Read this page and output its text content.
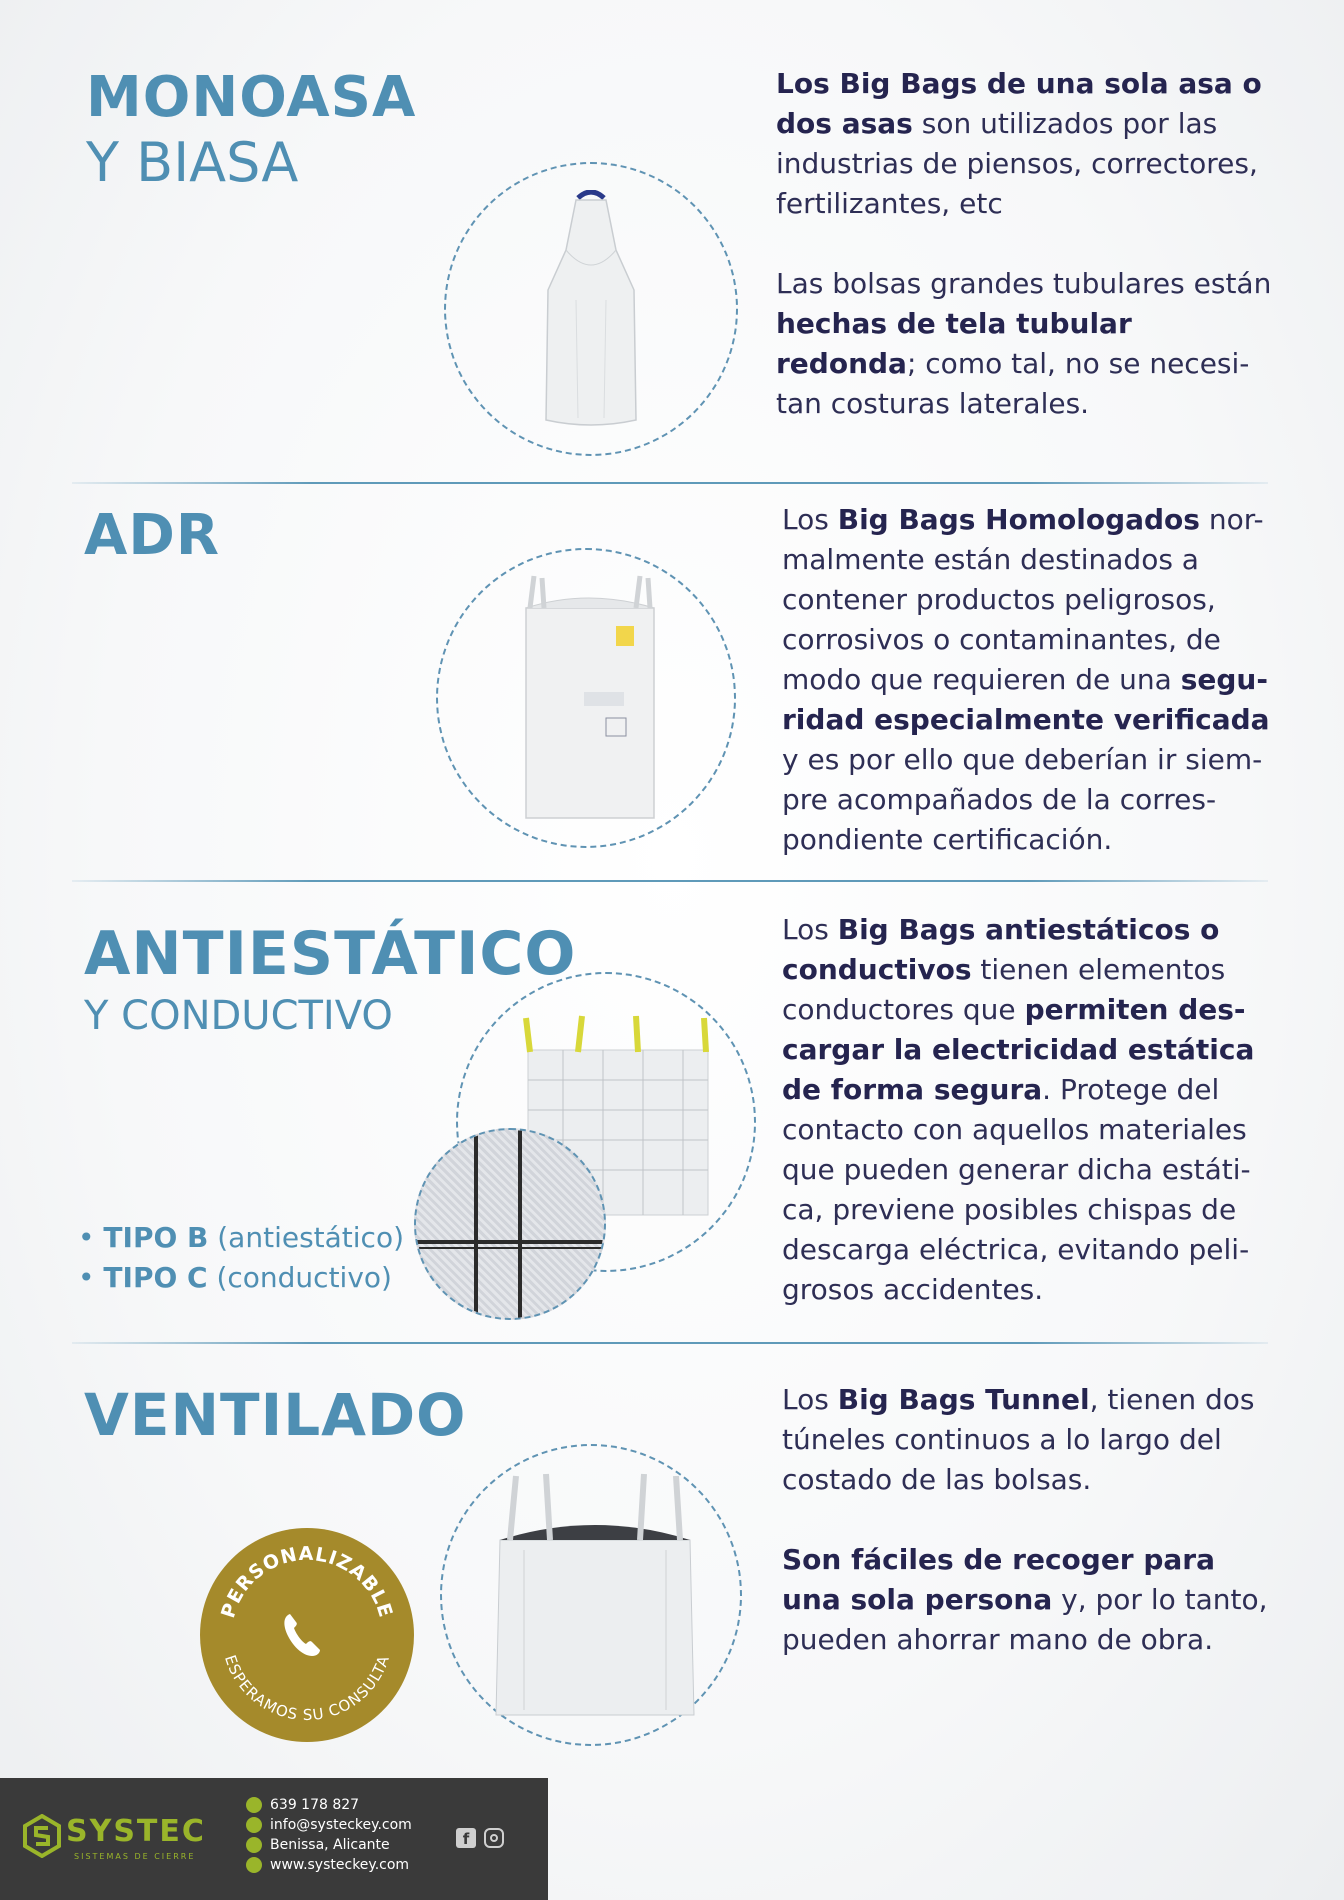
MONOASA
Y BIASA
Los Big Bags de una sola asa o dos asas son utilizados por las industrias de piensos, correctores, fertilizantes, etc

Las bolsas grandes tubulares están hechas de tela tubular redonda; como tal, no se necesi-tan costuras laterales.
ADR	Los Big Bags Homologados nor-malmente están destinados a contener productos peligrosos, corrosivos o contaminantes, de modo que requieren de una segu-ridad especialmente verificada y es por ello que deberían ir siem-pre acompañados de la corres-pondiente certificación.
ANTIESTÁTICO
Y CONDUCTIVO
• TIPO B (antiestático)
• TIPO C (conductivo)
Los Big Bags antiestáticos o conductivos tienen elementos conductores que permiten des-cargar la electricidad estática de forma segura. Protege del contacto con aquellos materiales que pueden generar dicha estáti-ca, previene posibles chispas de descarga eléctrica, evitando peli-grosos accidentes.
VENTILADO	Los Big Bags Tunnel, tienen dos túneles continuos a lo largo del costado de las bolsas.

Son fáciles de recoger para una sola persona y, por lo tanto, pueden ahorrar mano de obra.
PERSONALIZABLE
ESPERAMOS SU CONSULTA
SYSTEC
SISTEMAS DE CIERRE
f
639 178 827
info@systeckey.com
Benissa, Alicante
www.systeckey.com
